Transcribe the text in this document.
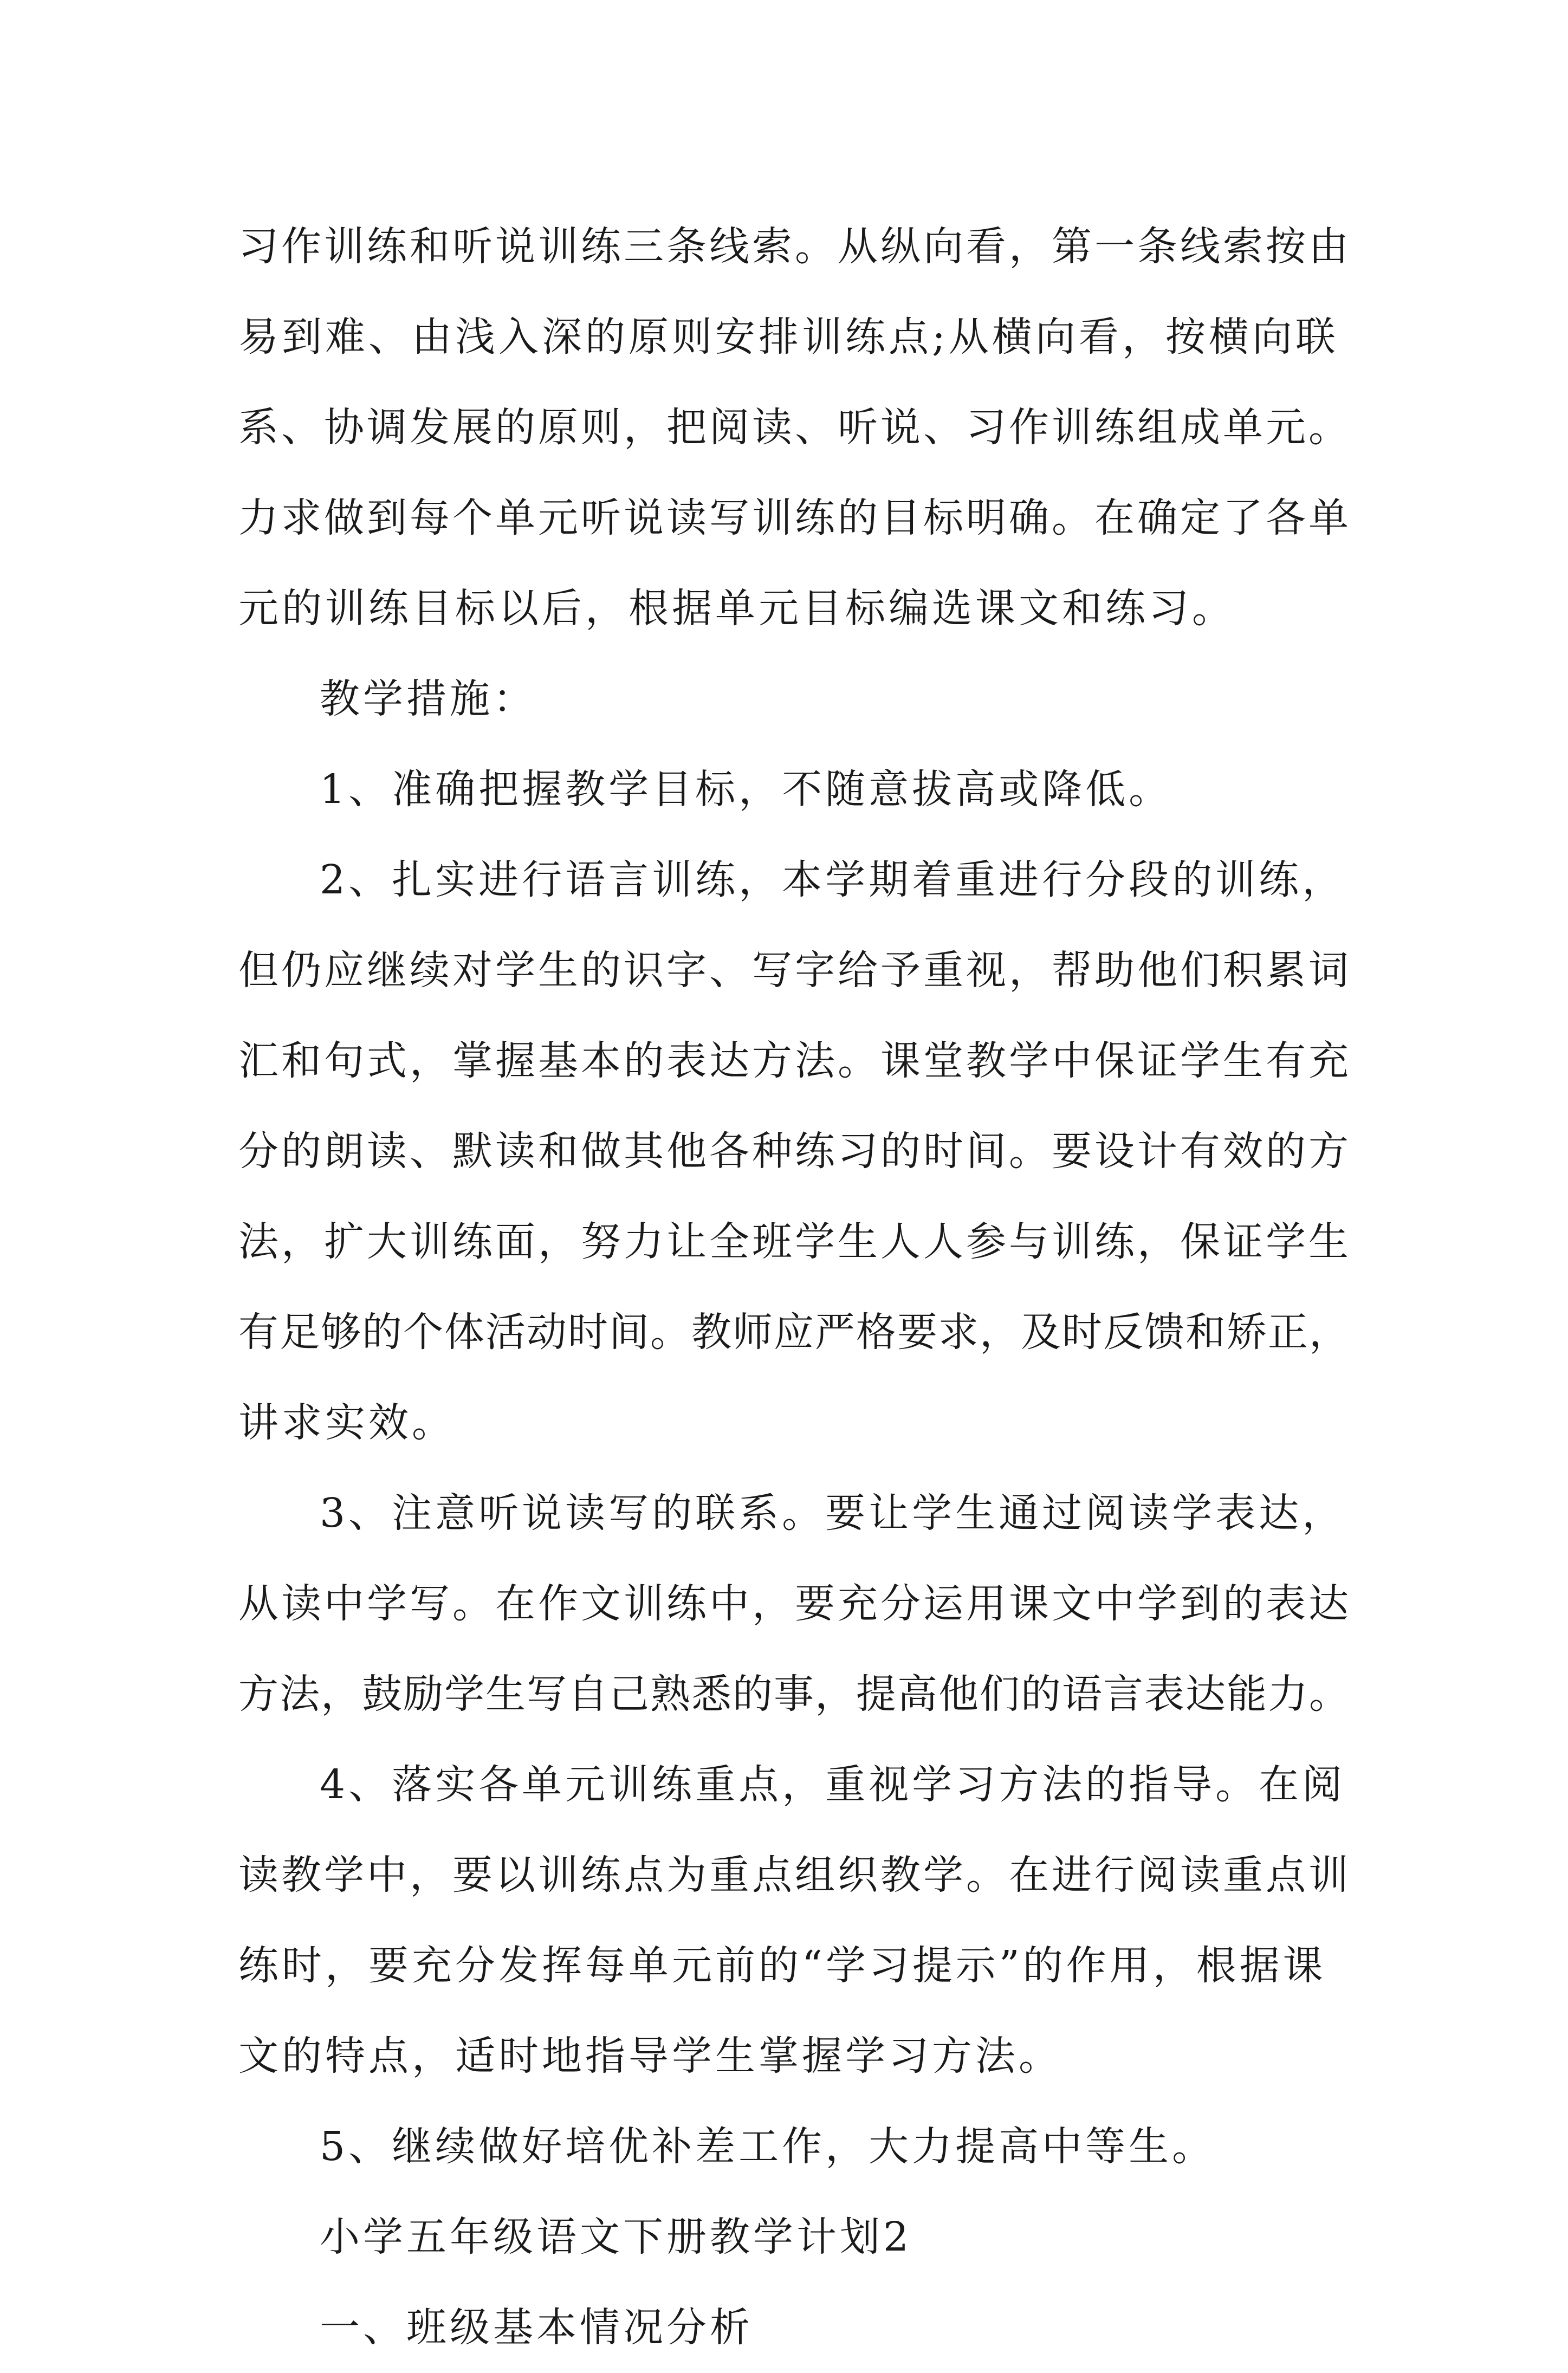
习作训练和听说训练三条线索。从纵向看，第一条线索按由
易到难、由浅入深的原则安排训练点;从横向看，按横向联
系、协调发展的原则，把阅读、听说、习作训练组成单元。
力求做到每个单元听说读写训练的目标明确。在确定了各单
元的训练目标以后，根据单元目标编选课文和练习。
教学措施：
1、准确把握教学目标，不随意拔高或降低。
2、扎实进行语言训练，本学期着重进行分段的训练，
但仍应继续对学生的识字、写字给予重视，帮助他们积累词
汇和句式，掌握基本的表达方法。课堂教学中保证学生有充
分的朗读、默读和做其他各种练习的时间。要设计有效的方
法，扩大训练面，努力让全班学生人人参与训练，保证学生
有足够的个体活动时间。教师应严格要求，及时反馈和矫正，
讲求实效。
3、注意听说读写的联系。要让学生通过阅读学表达，
从读中学写。在作文训练中，要充分运用课文中学到的表达
方法，鼓励学生写自己熟悉的事，提高他们的语言表达能力。
4、落实各单元训练重点，重视学习方法的指导。在阅
读教学中，要以训练点为重点组织教学。在进行阅读重点训
练时，要充分发挥每单元前的“学习提示”的作用，根据课
文的特点，适时地指导学生掌握学习方法。
5、继续做好培优补差工作，大力提高中等生。
小学五年级语文下册教学计划2
一、班级基本情况分析
